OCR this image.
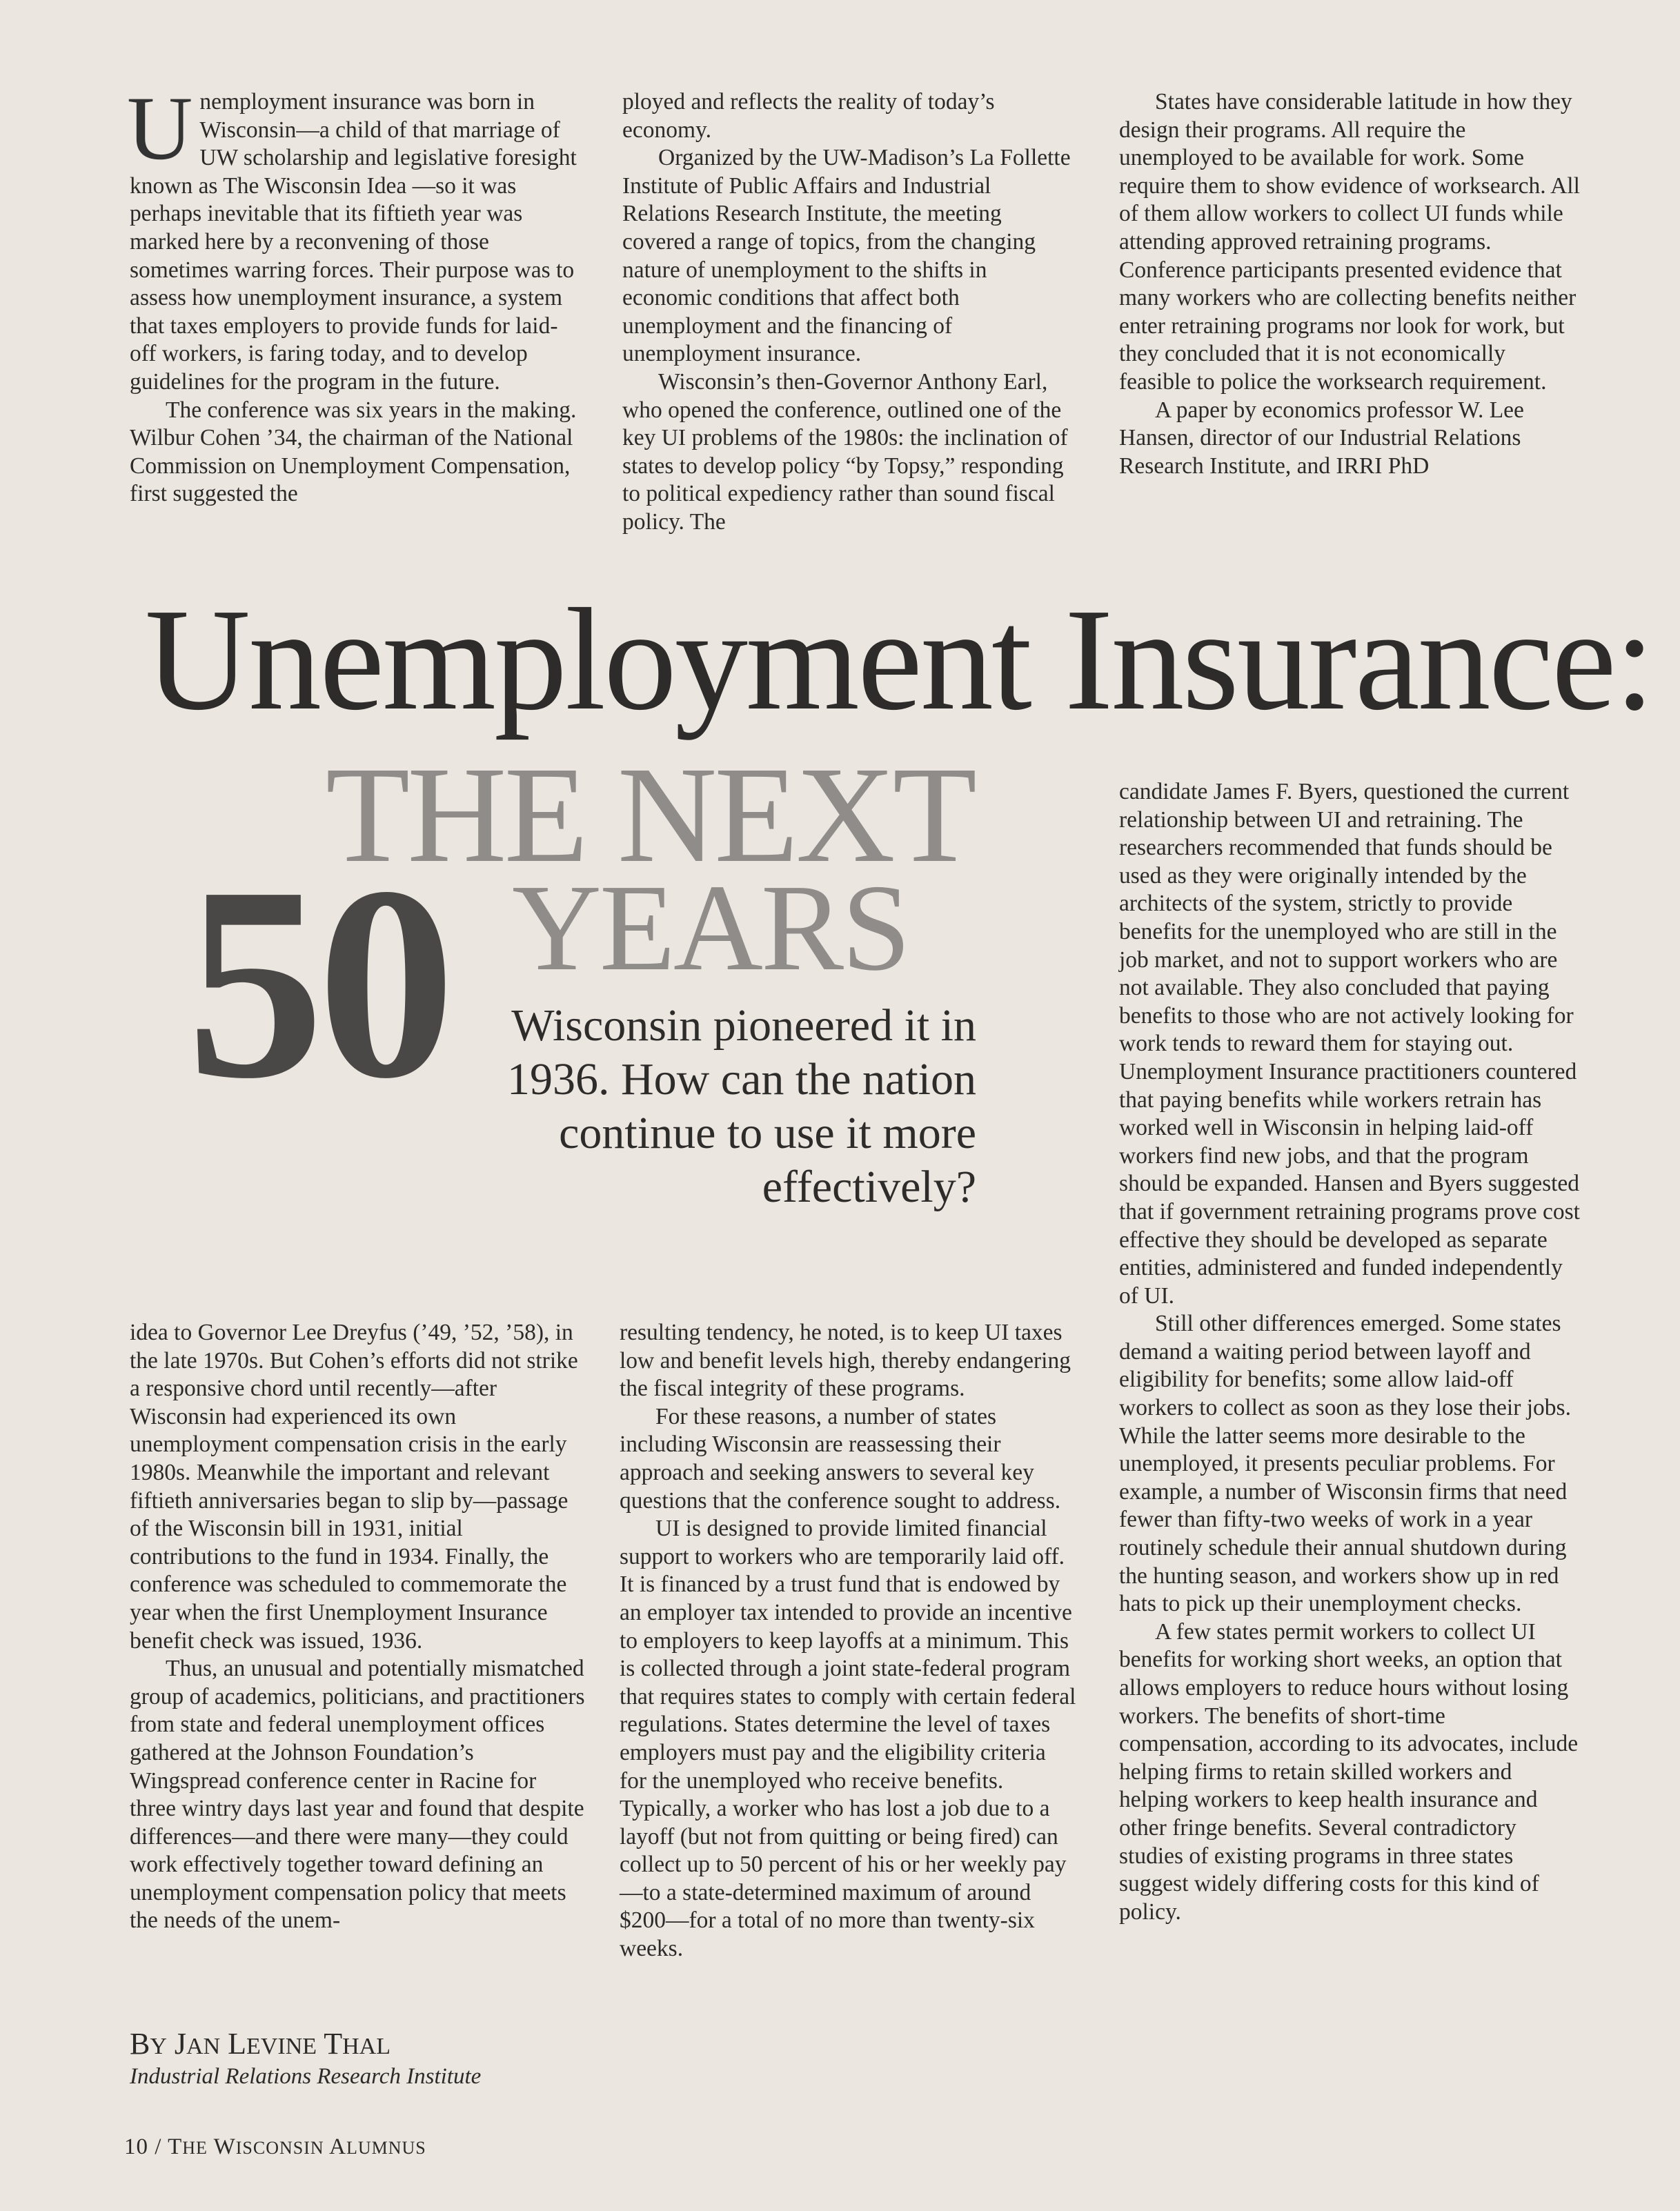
Unemployment insurance was born in Wisconsin—a child of that marriage of UW scholarship and legislative foresight known as The Wisconsin Idea —so it was perhaps inevitable that its fiftieth year was marked here by a reconvening of those sometimes warring forces. Their purpose was to assess how unemployment insurance, a system that taxes employers to provide funds for laid-off workers, is faring today, and to develop guidelines for the program in the future.

The conference was six years in the making. Wilbur Cohen ’34, the chairman of the National Commission on Unemployment Compensation, first suggested the

ployed and reflects the reality of today’s economy.

Organized by the UW-Madison’s La Follette Institute of Public Affairs and Industrial Relations Research Institute, the meeting covered a range of topics, from the changing nature of unemployment to the shifts in economic conditions that affect both unemployment and the financing of unemployment insurance.

Wisconsin’s then-Governor Anthony Earl, who opened the conference, outlined one of the key UI problems of the 1980s: the inclination of states to develop policy “by Topsy,” responding to political expediency rather than sound fiscal policy. The

States have considerable latitude in how they design their programs. All require the unemployed to be available for work. Some require them to show evidence of worksearch. All of them allow workers to collect UI funds while attending approved retraining programs. Conference participants presented evidence that many workers who are collecting benefits neither enter retraining programs nor look for work, but they concluded that it is not economically feasible to police the worksearch requirement.

A paper by economics professor W. Lee Hansen, director of our Industrial Relations Research Institute, and IRRI PhD

Unemployment Insurance:
THE NEXT
50 YEARS
Wisconsin pioneered it in 1936. How can the nation continue to use it more effectively?

candidate James F. Byers, questioned the current relationship between UI and retraining. The researchers recommended that funds should be used as they were originally intended by the architects of the system, strictly to provide benefits for the unemployed who are still in the job market, and not to support workers who are not available. They also concluded that paying benefits to those who are not actively looking for work tends to reward them for staying out. Unemployment Insurance practitioners countered that paying benefits while workers retrain has worked well in Wisconsin in helping laid-off workers find new jobs, and that the program should be expanded. Hansen and Byers suggested that if government retraining programs prove cost effective they should be developed as separate entities, administered and funded independently of UI.

Still other differences emerged. Some states demand a waiting period between layoff and eligibility for benefits; some allow laid-off workers to collect as soon as they lose their jobs. While the latter seems more desirable to the unemployed, it presents peculiar problems. For example, a number of Wisconsin firms that need fewer than fifty-two weeks of work in a year routinely schedule their annual shutdown during the hunting season, and workers show up in red hats to pick up their unemployment checks.

A few states permit workers to collect UI benefits for working short weeks, an option that allows employers to reduce hours without losing workers. The benefits of short-time compensation, according to its advocates, include helping firms to retain skilled workers and helping workers to keep health insurance and other fringe benefits. Several contradictory studies of existing programs in three states suggest widely differing costs for this kind of policy.

idea to Governor Lee Dreyfus (’49, ’52, ’58), in the late 1970s. But Cohen’s efforts did not strike a responsive chord until recently—after Wisconsin had experienced its own unemployment compensation crisis in the early 1980s. Meanwhile the important and relevant fiftieth anniversaries began to slip by—passage of the Wisconsin bill in 1931, initial contributions to the fund in 1934. Finally, the conference was scheduled to commemorate the year when the first Unemployment Insurance benefit check was issued, 1936.

Thus, an unusual and potentially mismatched group of academics, politicians, and practitioners from state and federal unemployment offices gathered at the Johnson Foundation’s Wingspread conference center in Racine for three wintry days last year and found that despite differences—and there were many—they could work effectively together toward defining an unemployment compensation policy that meets the needs of the unem-

resulting tendency, he noted, is to keep UI taxes low and benefit levels high, thereby endangering the fiscal integrity of these programs.

For these reasons, a number of states including Wisconsin are reassessing their approach and seeking answers to several key questions that the conference sought to address.

UI is designed to provide limited financial support to workers who are temporarily laid off. It is financed by a trust fund that is endowed by an employer tax intended to provide an incentive to employers to keep layoffs at a minimum. This is collected through a joint state-federal program that requires states to comply with certain federal regulations. States determine the level of taxes employers must pay and the eligibility criteria for the unemployed who receive benefits. Typically, a worker who has lost a job due to a layoff (but not from quitting or being fired) can collect up to 50 percent of his or her weekly pay—to a state-determined maximum of around $200—for a total of no more than twenty-six weeks.

BY JAN LEVINE THAL
Industrial Relations Research Institute
10 / THE WISCONSIN ALUMNUS
